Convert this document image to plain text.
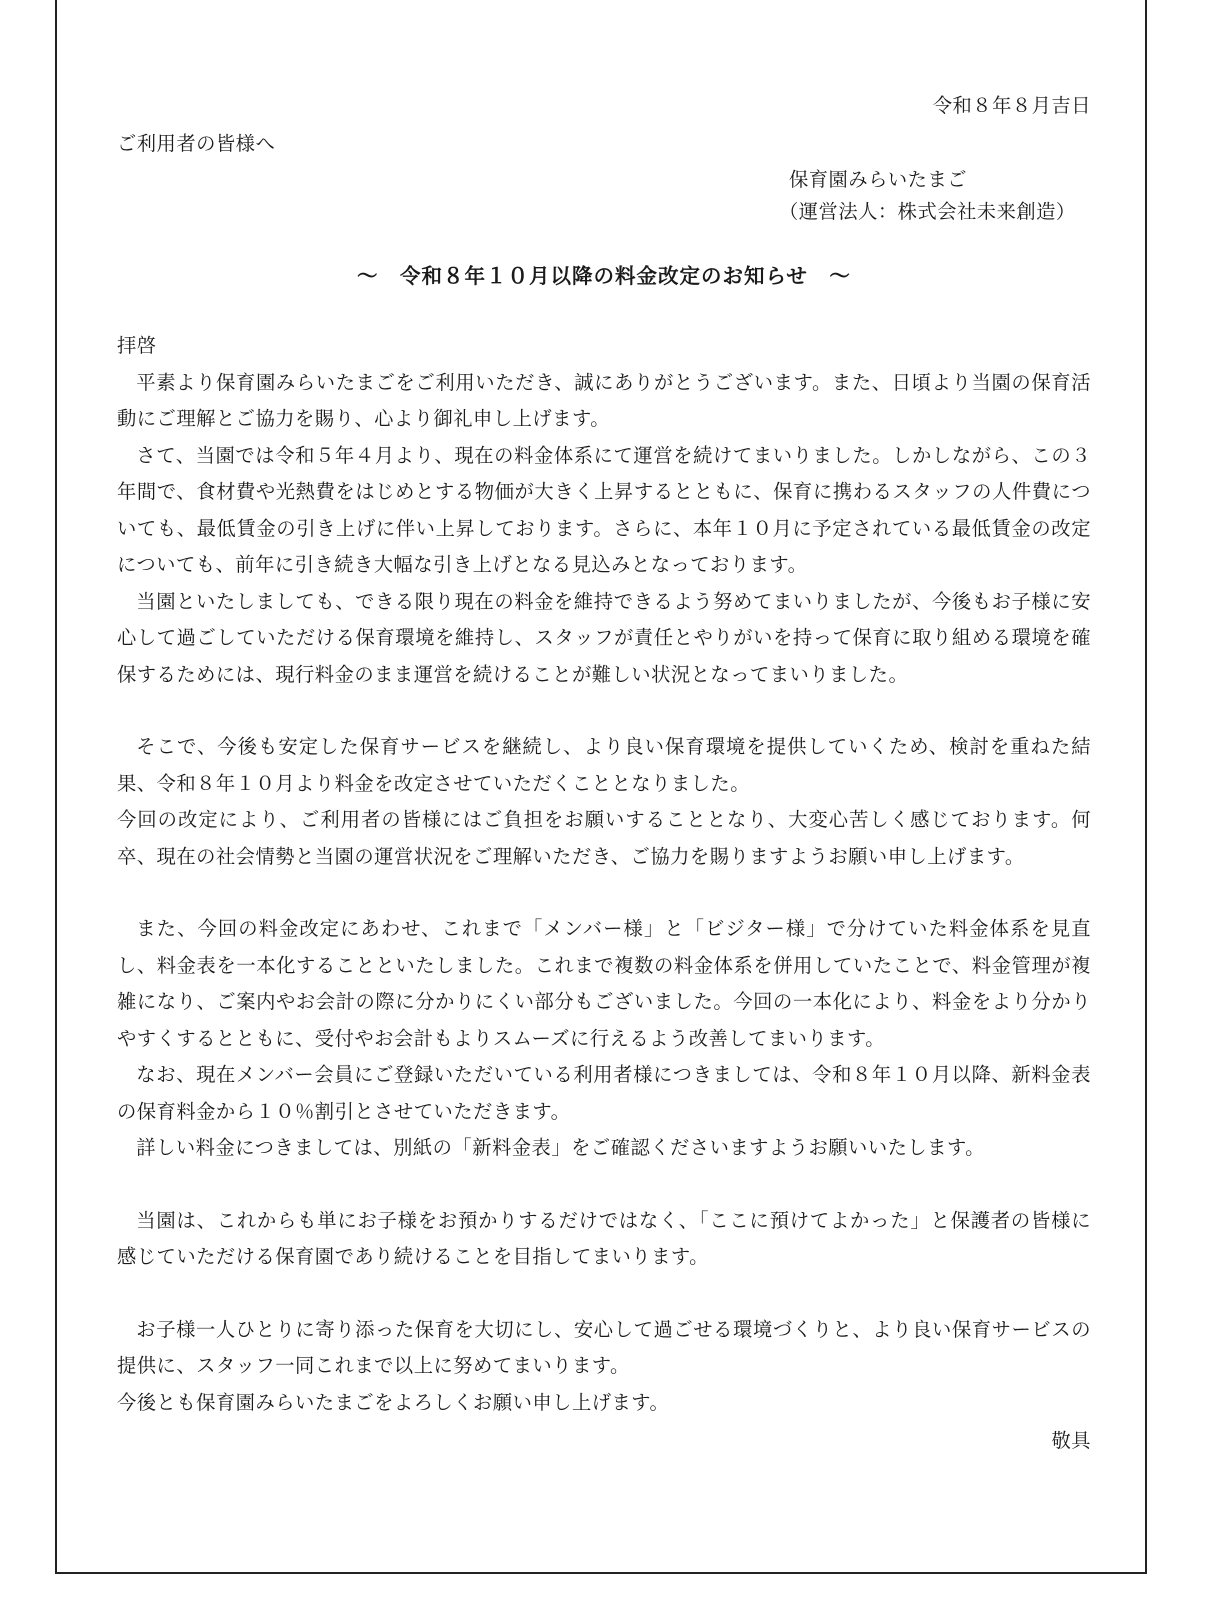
令和８年８月吉日

ご利用者の皆様へ

保育園みらいたまご
（運営法人：株式会社未来創造）
～　令和８年１０月以降の料金改定のお知らせ　～

拝啓

平素より保育園みらいたまごをご利用いただき、誠にありがとうございます。また、日頃より当園の保育活動にご理解とご協力を賜り、心より御礼申し上げます。

さて、当園では令和５年４月より、現在の料金体系にて運営を続けてまいりました。しかしながら、この３年間で、食材費や光熱費をはじめとする物価が大きく上昇するとともに、保育に携わるスタッフの人件費についても、最低賃金の引き上げに伴い上昇しております。さらに、本年１０月に予定されている最低賃金の改定についても、前年に引き続き大幅な引き上げとなる見込みとなっております。

当園といたしましても、できる限り現在の料金を維持できるよう努めてまいりましたが、今後もお子様に安心して過ごしていただける保育環境を維持し、スタッフが責任とやりがいを持って保育に取り組める環境を確保するためには、現行料金のまま運営を続けることが難しい状況となってまいりました。

そこで、今後も安定した保育サービスを継続し、より良い保育環境を提供していくため、検討を重ねた結果、令和８年１０月より料金を改定させていただくこととなりました。

今回の改定により、ご利用者の皆様にはご負担をお願いすることとなり、大変心苦しく感じております。何卒、現在の社会情勢と当園の運営状況をご理解いただき、ご協力を賜りますようお願い申し上げます。

また、今回の料金改定にあわせ、これまで「メンバー様」と「ビジター様」で分けていた料金体系を見直し、料金表を一本化することといたしました。これまで複数の料金体系を併用していたことで、料金管理が複雑になり、ご案内やお会計の際に分かりにくい部分もございました。今回の一本化により、料金をより分かりやすくするとともに、受付やお会計もよりスムーズに行えるよう改善してまいります。

なお、現在メンバー会員にご登録いただいている利用者様につきましては、令和８年１０月以降、新料金表の保育料金から１０％割引とさせていただきます。

詳しい料金につきましては、別紙の「新料金表」をご確認くださいますようお願いいたします。

当園は、これからも単にお子様をお預かりするだけではなく、「ここに預けてよかった」と保護者の皆様に感じていただける保育園であり続けることを目指してまいります。

お子様一人ひとりに寄り添った保育を大切にし、安心して過ごせる環境づくりと、より良い保育サービスの提供に、スタッフ一同これまで以上に努めてまいります。

今後とも保育園みらいたまごをよろしくお願い申し上げます。

敬具
